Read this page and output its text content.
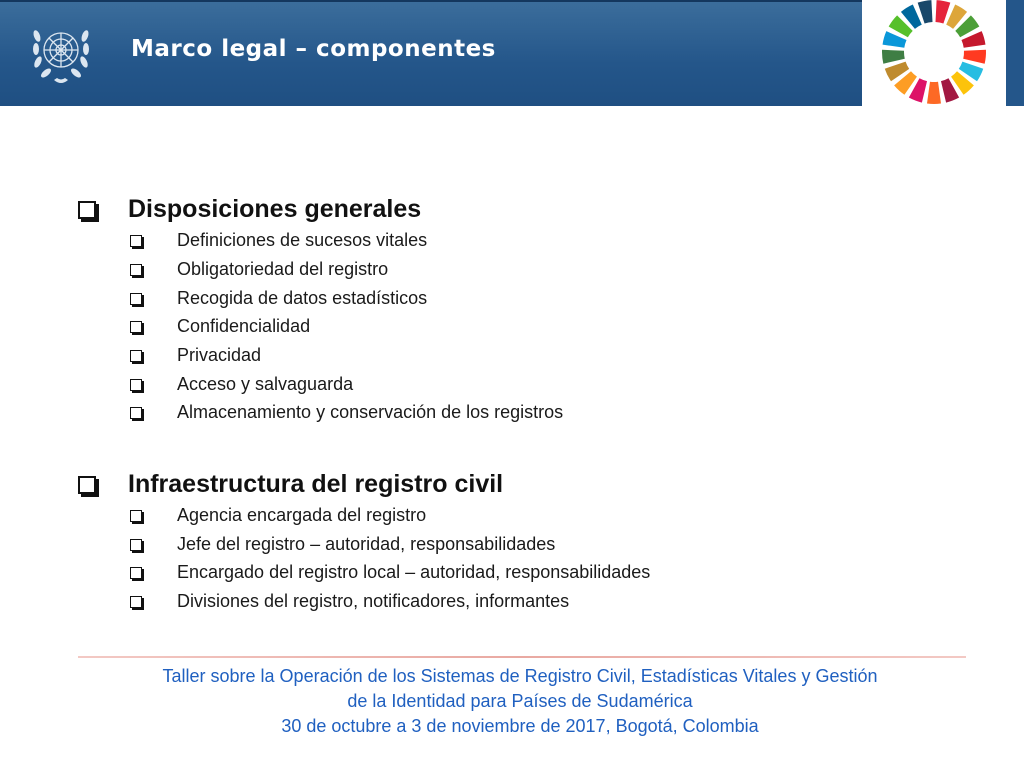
Marco legal – componentes
Disposiciones generales
Definiciones de sucesos vitales
Obligatoriedad del registro
Recogida de datos estadísticos
Confidencialidad
Privacidad
Acceso y salvaguarda
Almacenamiento y conservación de los registros
Infraestructura del registro civil
Agencia encargada del registro
Jefe del registro – autoridad, responsabilidades
Encargado del registro local – autoridad, responsabilidades
Divisiones del registro, notificadores, informantes
Taller sobre la Operación de los Sistemas de Registro Civil, Estadísticas Vitales y Gestión
de la Identidad para Países de Sudamérica
30 de octubre a 3 de noviembre de 2017, Bogotá, Colombia
